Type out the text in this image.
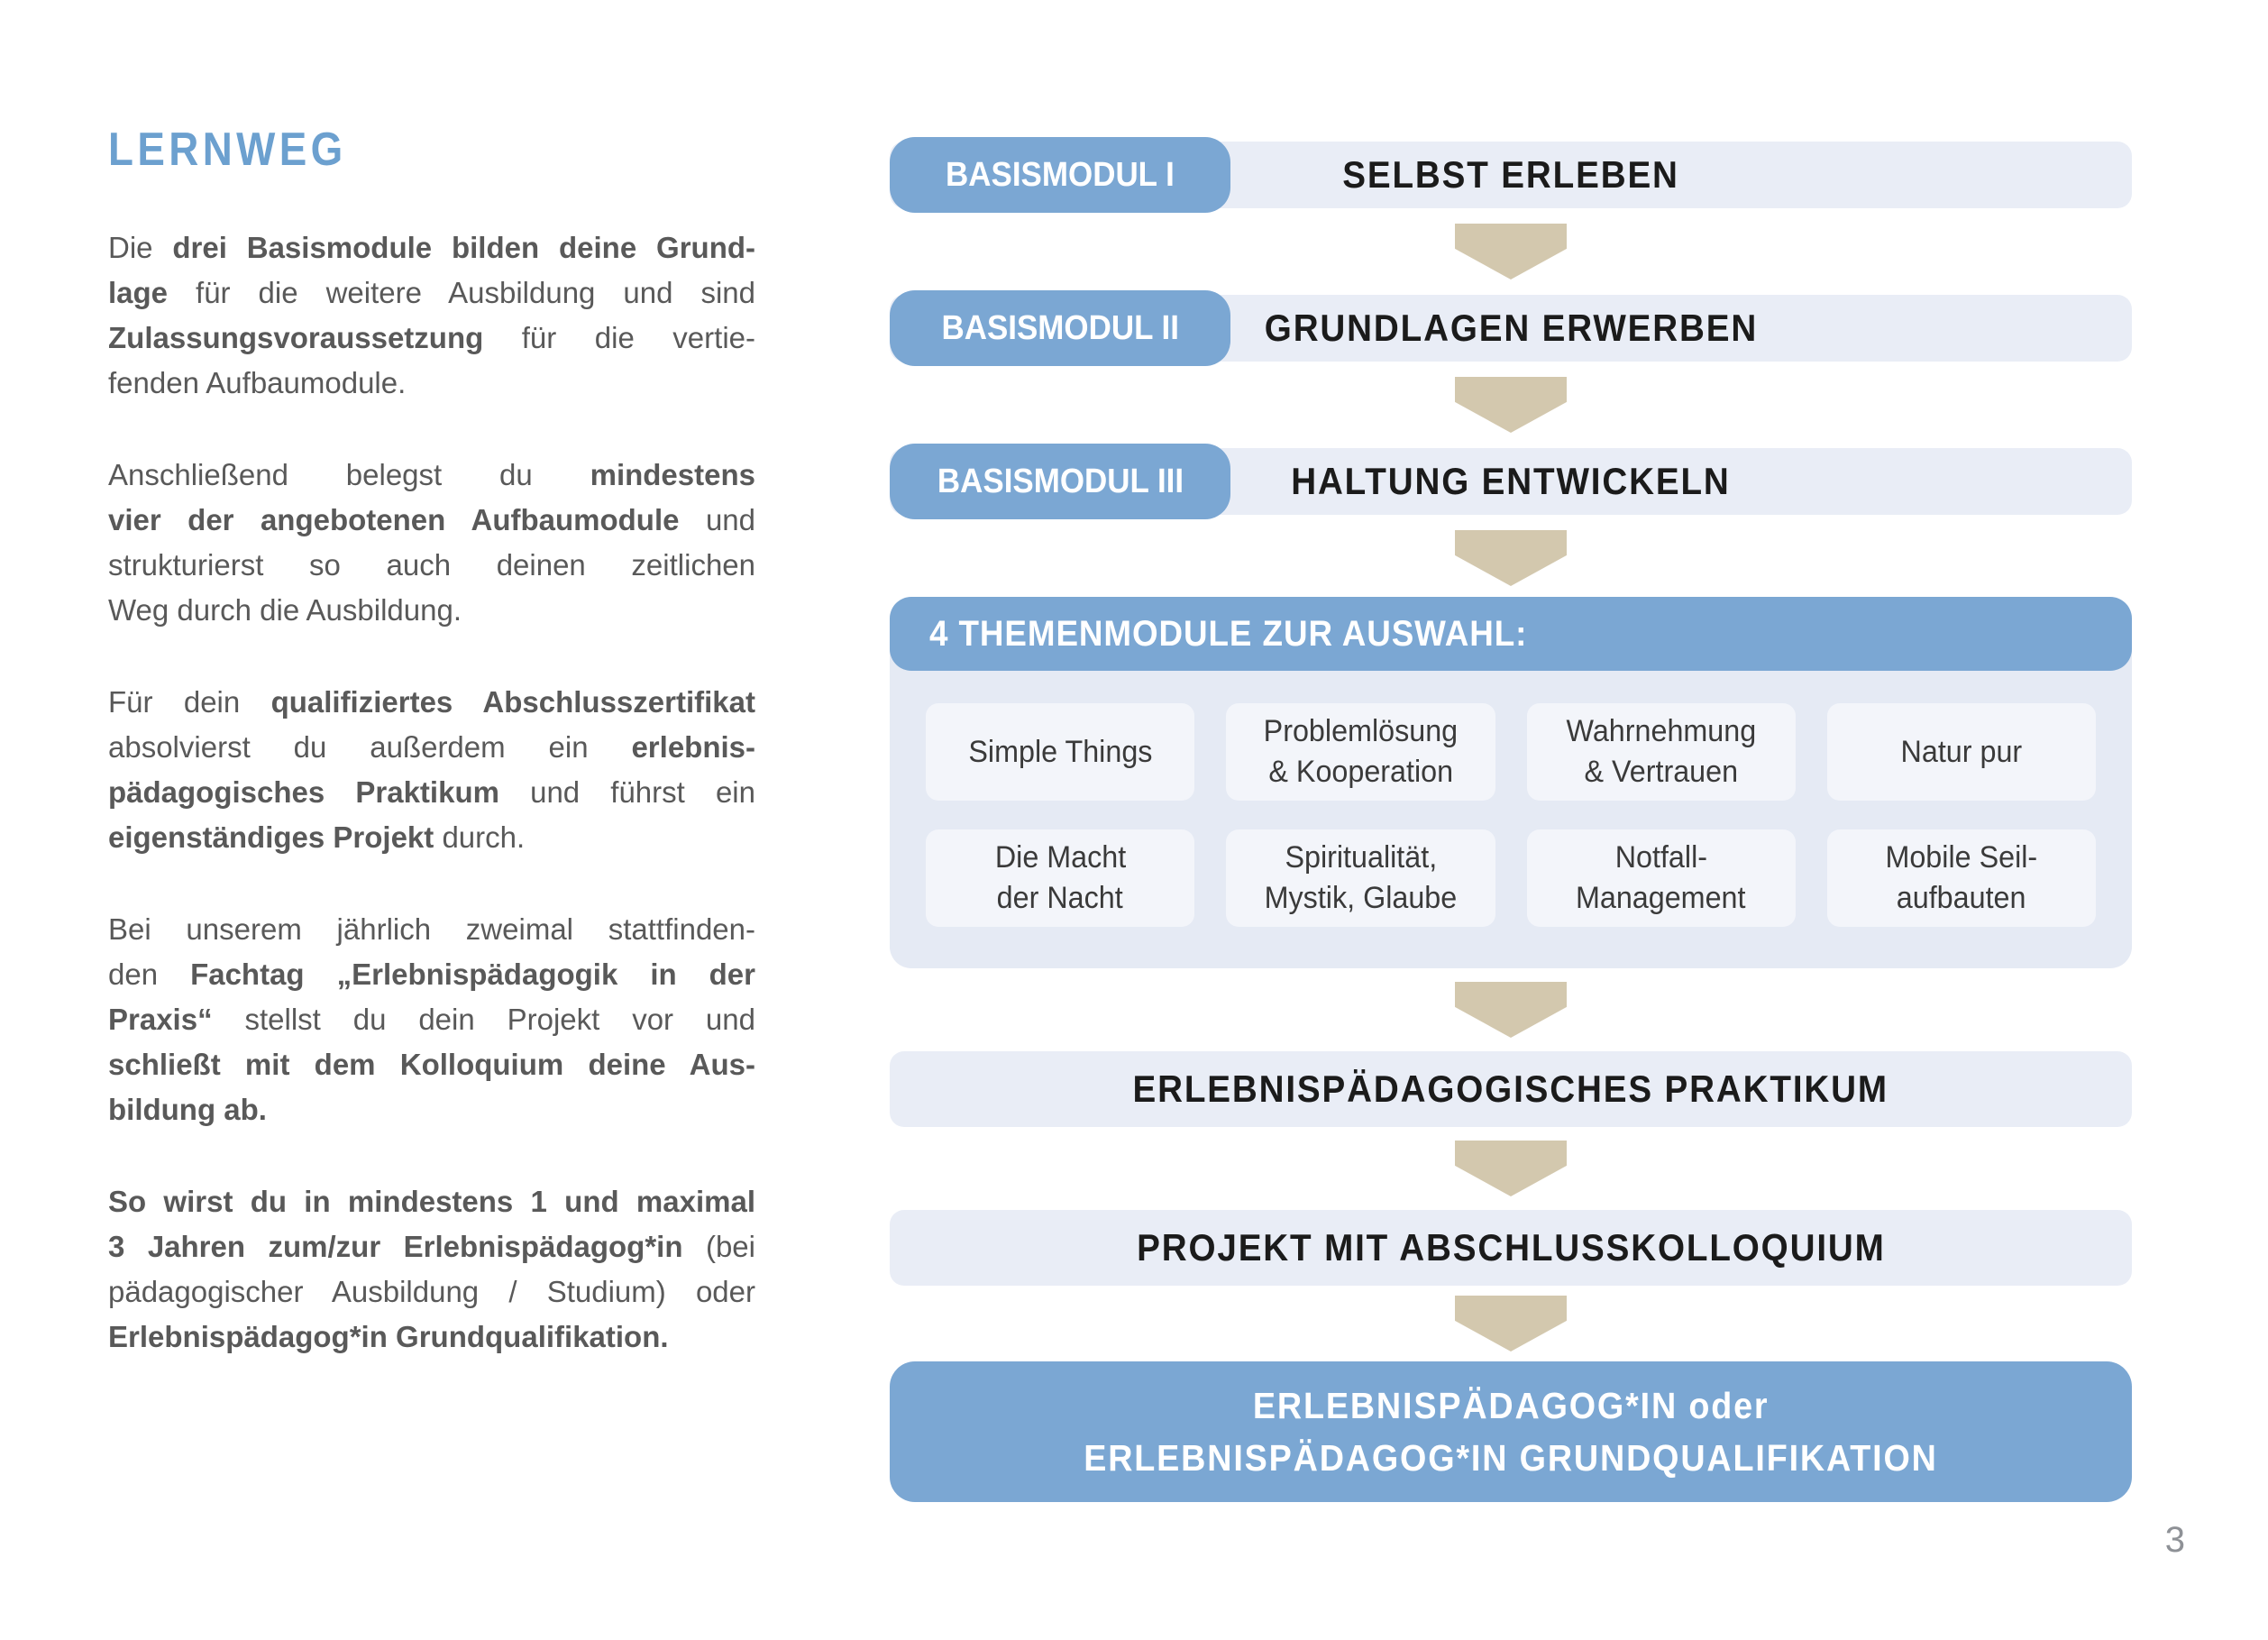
LERNWEG
Die drei Basismodule bilden deine Grund-
lage für die weitere Ausbildung und sind
Zulassungsvoraussetzung für die vertie-
fenden Aufbaumodule.
Anschließend belegst du mindestens
vier der angebotenen Aufbaumodule und
strukturierst so auch deinen zeitlichen
Weg durch die Ausbildung.
Für dein qualifiziertes Abschlusszertifikat
absolvierst du außerdem ein erlebnis-
pädagogisches Praktikum und führst ein
eigenständiges Projekt durch.
Bei unserem jährlich zweimal stattfinden-
den Fachtag „Erlebnispädagogik in der
Praxis“ stellst du dein Projekt vor und
schließt mit dem Kolloquium deine Aus-
bildung ab.
So wirst du in mindestens 1 und maximal
3 Jahren zum/zur Erlebnispädagog*in (bei
pädagogischer Ausbildung / Studium) oder
Erlebnispädagog*in Grundqualifikation.
BASISMODUL I	SELBST ERLEBEN
BASISMODUL II GRUNDLAGEN ERWERBEN
BASISMODUL III	HALTUNG ENTWICKELN
4 THEMENMODULE ZUR AUSWAHL:
Simple Things
Problemlösung
& Kooperation
Wahrnehmung
& Vertrauen
Natur pur
Die Macht
der Nacht
Spiritualität,
Mystik, Glaube
Notfall-
Management
Mobile Seil-
aufbauten
ERLEBNISPÄDAGOGISCHES PRAKTIKUM
PROJEKT MIT ABSCHLUSSKOLLOQUIUM
ERLEBNISPÄDAGOG*IN oder
ERLEBNISPÄDAGOG*IN GRUNDQUALIFIKATION
3
